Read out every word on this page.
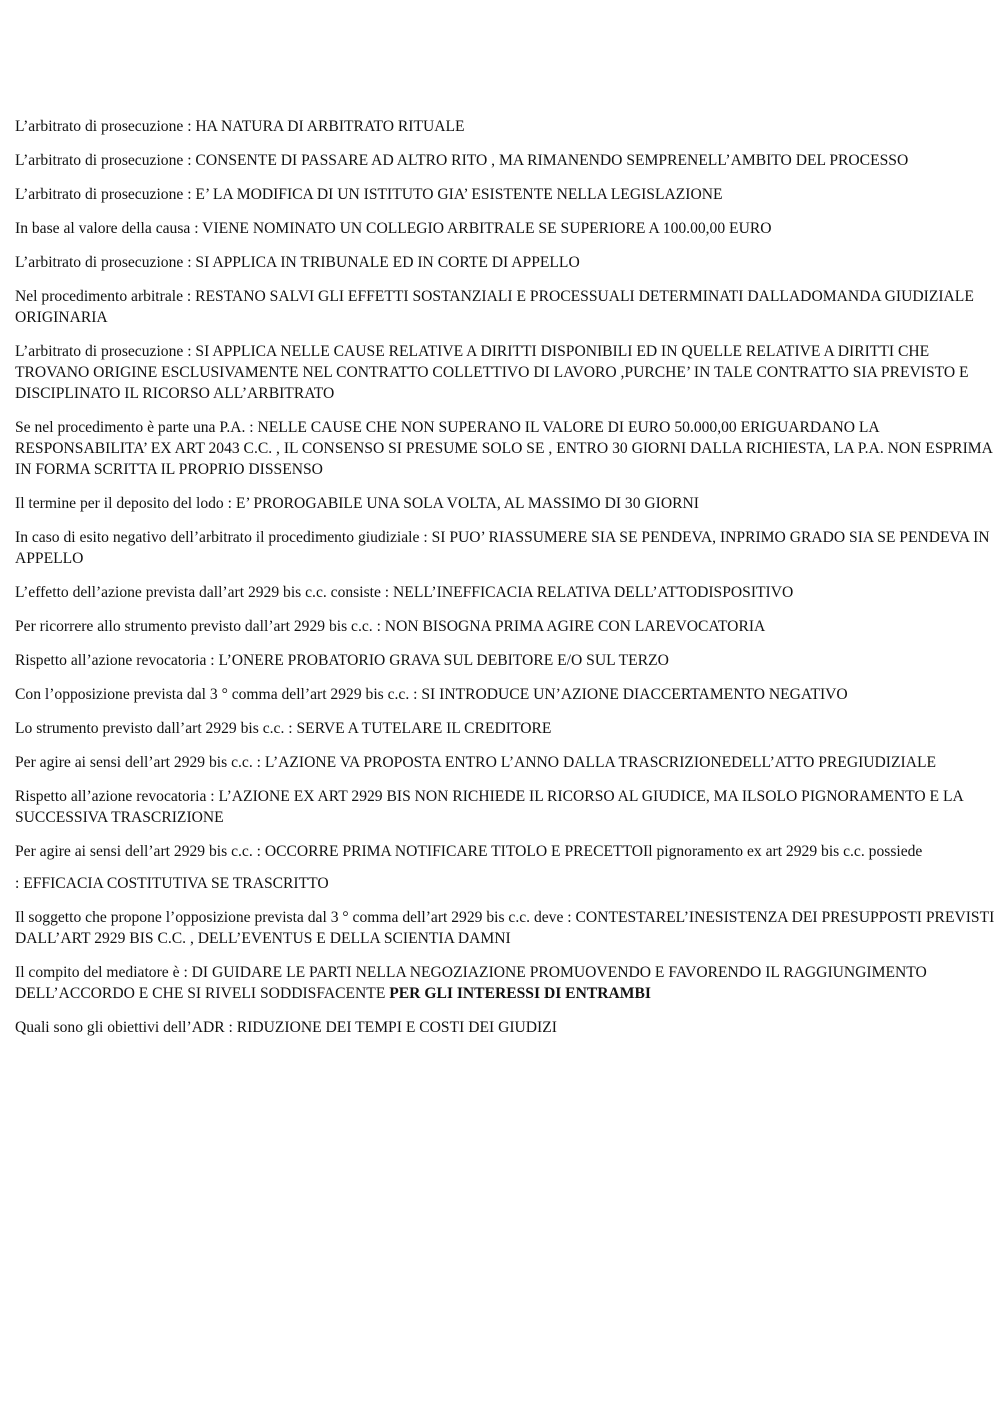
L’arbitrato di prosecuzione : HA NATURA DI ARBITRATO RITUALE

L’arbitrato di prosecuzione : CONSENTE DI PASSARE AD ALTRO RITO , MA RIMANENDO SEMPRENELL’AMBITO DEL PROCESSO

L’arbitrato di prosecuzione : E’ LA MODIFICA DI UN ISTITUTO GIA’ ESISTENTE NELLA LEGISLAZIONE

In base al valore della causa : VIENE NOMINATO UN COLLEGIO ARBITRALE SE SUPERIORE A 100.00,00 EURO

L’arbitrato di prosecuzione : SI APPLICA IN TRIBUNALE ED IN CORTE DI APPELLO

Nel procedimento arbitrale : RESTANO SALVI GLI EFFETTI SOSTANZIALI E PROCESSUALI DETERMINATI DALLADOMANDA GIUDIZIALE ORIGINARIA

L’arbitrato di prosecuzione : SI APPLICA NELLE CAUSE RELATIVE A DIRITTI DISPONIBILI ED IN QUELLE RELATIVE A DIRITTI CHE TROVANO ORIGINE ESCLUSIVAMENTE NEL CONTRATTO COLLETTIVO DI LAVORO ,PURCHE’ IN TALE CONTRATTO SIA PREVISTO E DISCIPLINATO IL RICORSO ALL’ARBITRATO

Se nel procedimento è parte una P.A. : NELLE CAUSE CHE NON SUPERANO IL VALORE DI EURO 50.000,00 ERIGUARDANO LA RESPONSABILITA’ EX ART 2043 C.C. , IL CONSENSO SI PRESUME SOLO SE , ENTRO 30 GIORNI DALLA RICHIESTA, LA P.A. NON ESPRIMA IN FORMA SCRITTA IL PROPRIO DISSENSO

Il termine per il deposito del lodo : E’ PROROGABILE UNA SOLA VOLTA, AL MASSIMO DI 30 GIORNI

In caso di esito negativo dell’arbitrato il procedimento giudiziale : SI PUO’ RIASSUMERE SIA SE PENDEVA, INPRIMO GRADO SIA SE PENDEVA IN APPELLO

L’effetto dell’azione prevista dall’art 2929 bis c.c. consiste : NELL’INEFFICACIA RELATIVA DELL’ATTODISPOSITIVO

Per ricorrere allo strumento previsto dall’art 2929 bis c.c. : NON BISOGNA PRIMA AGIRE CON LAREVOCATORIA

Rispetto all’azione revocatoria : L’ONERE PROBATORIO GRAVA SUL DEBITORE E/O SUL TERZO

Con l’opposizione prevista dal 3 ° comma dell’art 2929 bis c.c. : SI INTRODUCE UN’AZIONE DIACCERTAMENTO NEGATIVO

Lo strumento previsto dall’art 2929 bis c.c. : SERVE A TUTELARE IL CREDITORE

Per agire ai sensi dell’art 2929 bis c.c. : L’AZIONE VA PROPOSTA ENTRO L’ANNO DALLA TRASCRIZIONEDELL’ATTO PREGIUDIZIALE

Rispetto all’azione revocatoria : L’AZIONE EX ART 2929 BIS NON RICHIEDE IL RICORSO AL GIUDICE, MA ILSOLO PIGNORAMENTO E LA SUCCESSIVA TRASCRIZIONE

Per agire ai sensi dell’art 2929 bis c.c. : OCCORRE PRIMA NOTIFICARE TITOLO E PRECETTOIl pignoramento ex art 2929 bis c.c. possiede

: EFFICACIA COSTITUTIVA SE TRASCRITTO

Il soggetto che propone l’opposizione prevista dal 3 ° comma dell’art 2929 bis c.c. deve : CONTESTAREL’INESISTENZA DEI PRESUPPOSTI PREVISTI DALL’ART 2929 BIS C.C. , DELL’EVENTUS E DELLA SCIENTIA DAMNI

Il compito del mediatore è : DI GUIDARE LE PARTI NELLA NEGOZIAZIONE PROMUOVENDO E FAVORENDO IL RAGGIUNGIMENTO DELL’ACCORDO E CHE SI RIVELI SODDISFACENTE PER GLI INTERESSI DI ENTRAMBI

Quali sono gli obiettivi dell’ADR : RIDUZIONE DEI TEMPI E COSTI DEI GIUDIZI
